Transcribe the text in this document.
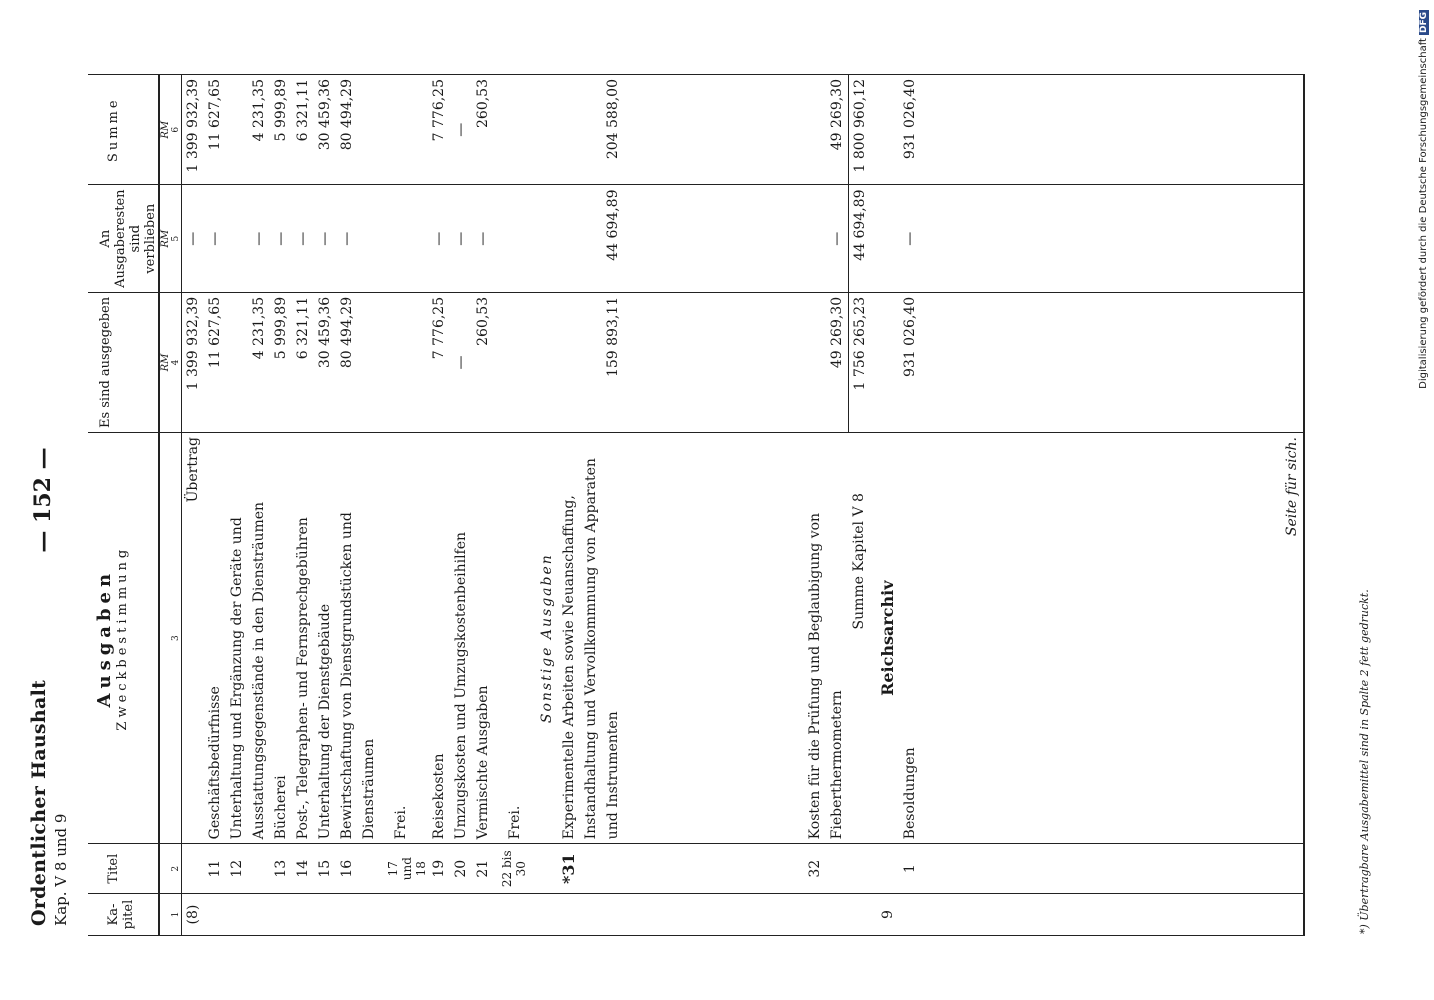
Ordentlicher Haushalt Kap. V 8 und 9
— 152 —
Ka-pitel	Titel	Ausgaben Zweckbestimmung	Es sind ausgegeben	An Ausgaberesten sind verblieben	Summe
			RM	RM	RM
1	2	3	4	5	6
(8)		Übertrag	1 399 932,39	—	1 399 932,39
	11	Geschäftsbedürfnisse	11 627,65	—	11 627,65
	12	Unterhaltung und Ergänzung der Geräte und Ausstattungsgegenstände in den Diensträumen	4 231,35	—	4 231,35
	13	Bücherei	5 999,89	—	5 999,89
	14	Post-, Telegraphen- und Fernsprechgebühren	6 321,11	—	6 321,11
	15	Unterhaltung der Dienstgebäude	30 459,36	—	30 459,36
	16	Bewirtschaftung von Dienstgrundstücken und Diensträumen	80 494,29	—	80 494,29
	17 und 18	Frei.			
	19	Reisekosten	7 776,25	—	7 776,25
	20	Umzugskosten und Umzugskostenbeihilfen	—	—	—
	21	Vermischte Ausgaben	260,53	—	260,53
	22 bis 30	Frei.			
		Sonstige Ausgaben			
	*31	Experimentelle Arbeiten sowie Neuanschaffung, Instandhaltung und Vervollkommnung von Apparaten und Instrumenten	159 893,11	44 694,89	204 588,00

	32	Kosten für die Prüfung und Beglaubigung von Fieberthermometern	49 269,30	—	49 269,30
		Summe Kapitel V 8	1 756 265,23	44 694,89	1 800 960,12
9		Reichsarchiv			
	1	Besoldungen	931 026,40	—	931 026,40

		Seite für sich.			
*) Übertragbare Ausgabemittel sind in Spalte 2 fett gedruckt.
Digitalisierung gefördert durch die Deutsche ForschungsgemeinschaftDFG
